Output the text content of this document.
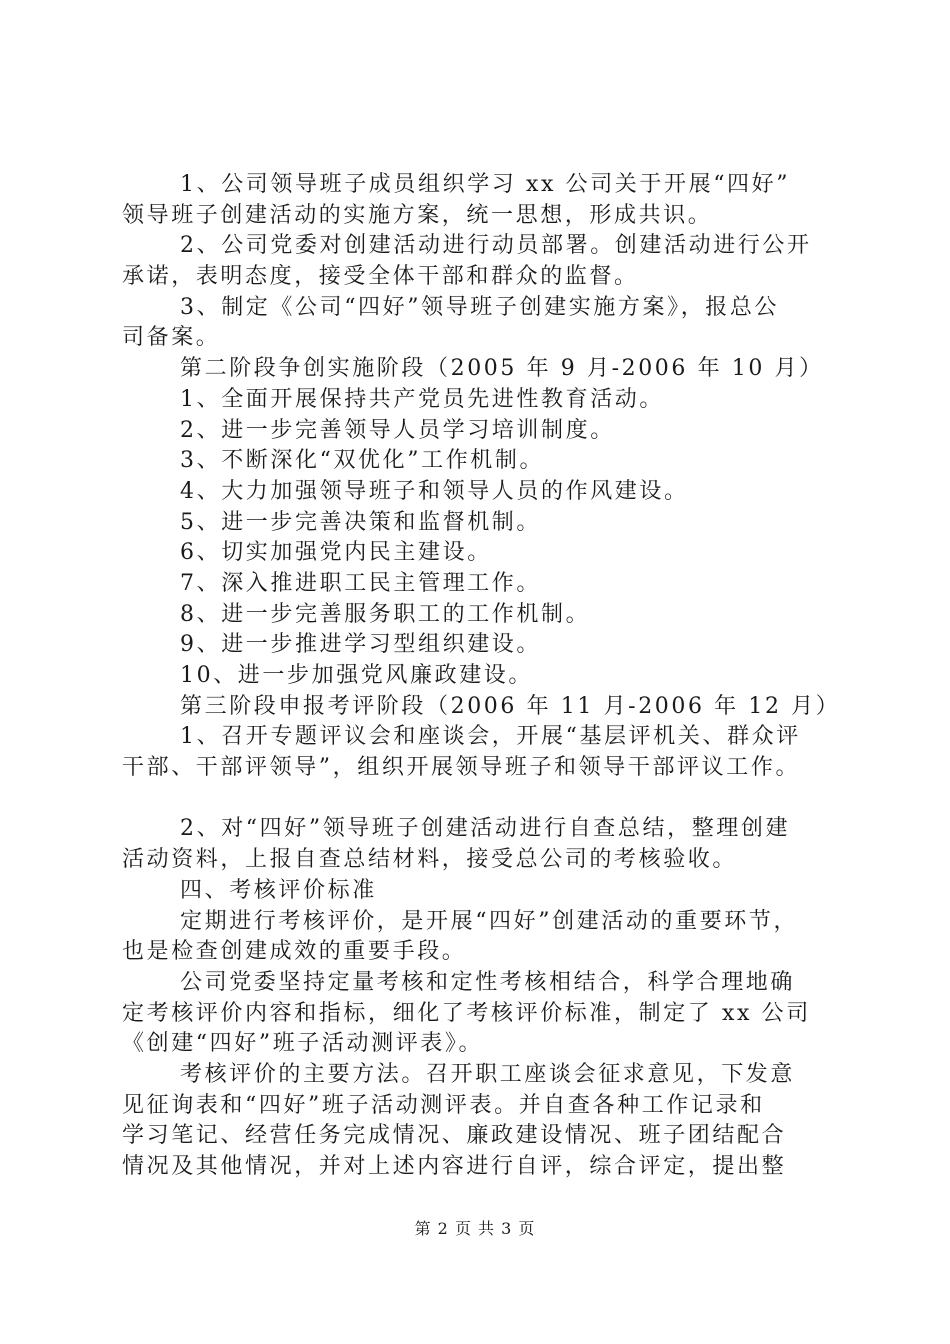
1、公司领导班子成员组织学习 xx 公司关于开展“四好”
领导班子创建活动的实施方案，统一思想，形成共识。
2、公司党委对创建活动进行动员部署。创建活动进行公开
承诺，表明态度，接受全体干部和群众的监督。
3、制定《公司“四好”领导班子创建实施方案》，报总公
司备案。
第二阶段争创实施阶段（2005 年 9 月-2006 年 10 月）
1、全面开展保持共产党员先进性教育活动。
2、进一步完善领导人员学习培训制度。
3、不断深化“双优化”工作机制。
4、大力加强领导班子和领导人员的作风建设。
5、进一步完善决策和监督机制。
6、切实加强党内民主建设。
7、深入推进职工民主管理工作。
8、进一步完善服务职工的工作机制。
9、进一步推进学习型组织建设。
10、进一步加强党风廉政建设。
第三阶段申报考评阶段（2006 年 11 月-2006 年 12 月）
1、召开专题评议会和座谈会，开展“基层评机关、群众评
干部、干部评领导”，组织开展领导班子和领导干部评议工作。
2、对“四好”领导班子创建活动进行自查总结，整理创建
活动资料，上报自查总结材料，接受总公司的考核验收。
四、考核评价标准
定期进行考核评价，是开展“四好”创建活动的重要环节，
也是检查创建成效的重要手段。
公司党委坚持定量考核和定性考核相结合，科学合理地确
定考核评价内容和指标，细化了考核评价标准，制定了 xx 公司
《创建“四好”班子活动测评表》。
考核评价的主要方法。召开职工座谈会征求意见，下发意
见征询表和“四好”班子活动测评表。并自查各种工作记录和
学习笔记、经营任务完成情况、廉政建设情况、班子团结配合
情况及其他情况，并对上述内容进行自评，综合评定，提出整
第 2 页 共 3 页
